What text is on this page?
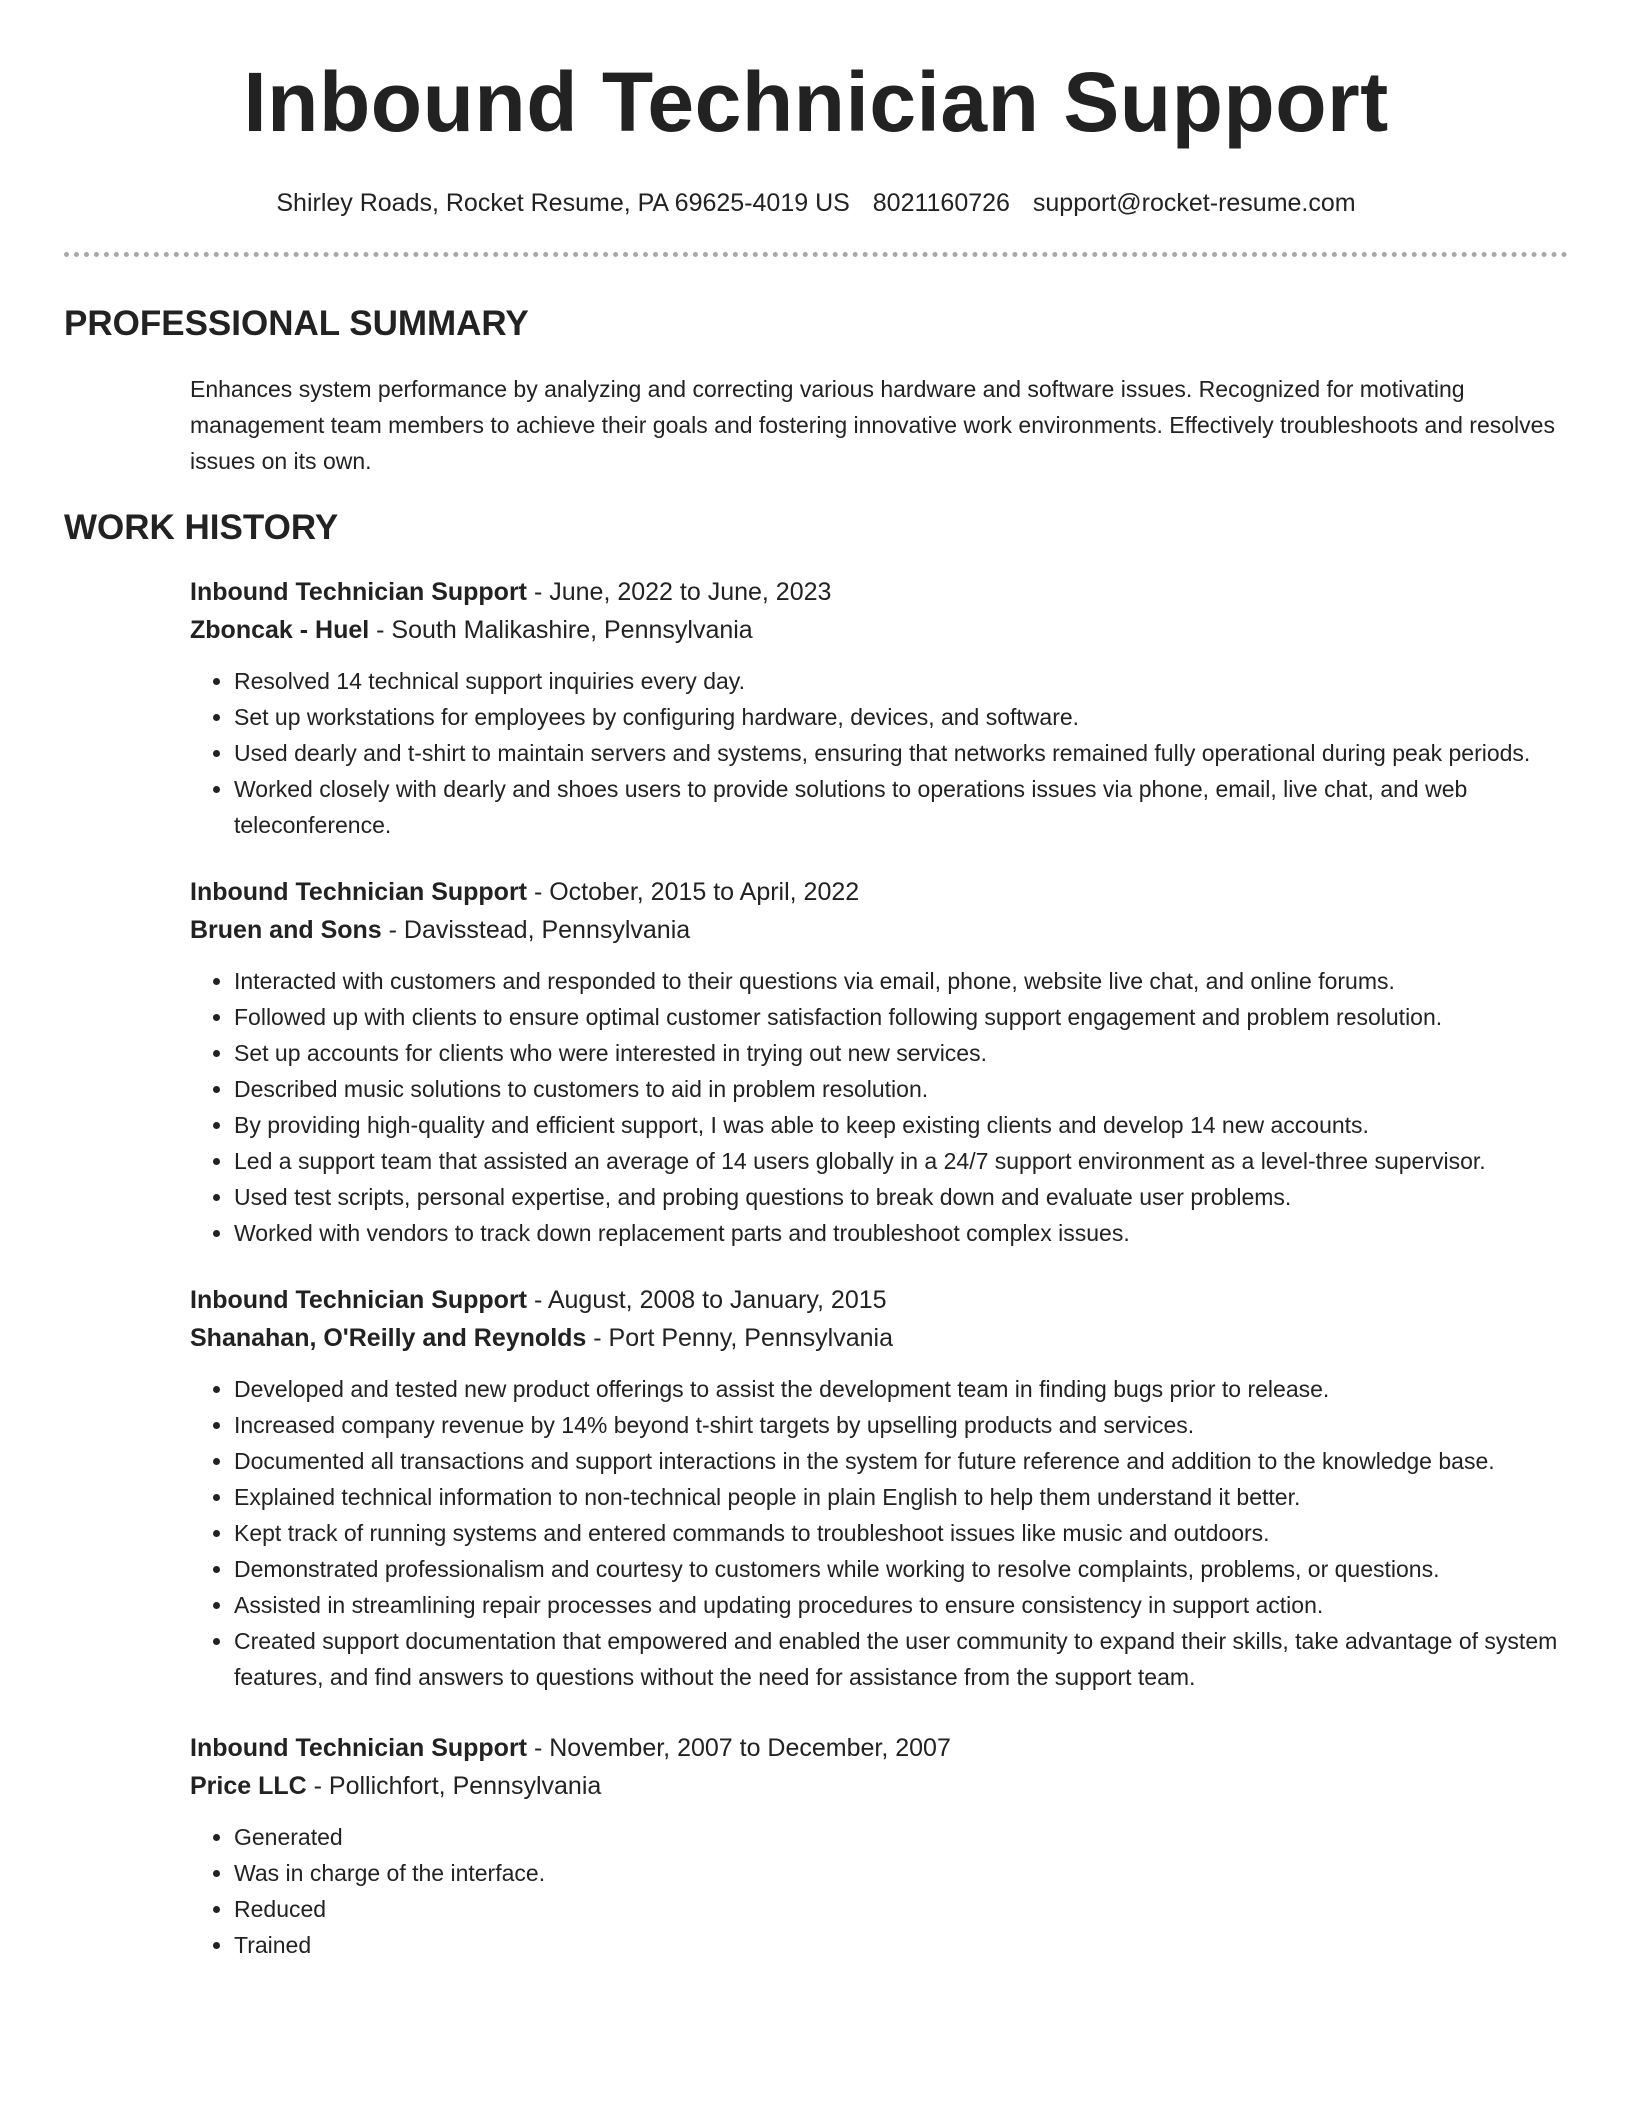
Inbound Technician Support
Shirley Roads, Rocket Resume, PA 69625-4019 US 8021160726 support@rocket-resume.com
PROFESSIONAL SUMMARY
Enhances system performance by analyzing and correcting various hardware and software issues. Recognized for motivating management team members to achieve their goals and fostering innovative work environments. Effectively troubleshoots and resolves issues on its own.
WORK HISTORY
Inbound Technician Support - June, 2022 to June, 2023
Zboncak - Huel - South Malikashire, Pennsylvania
• Resolved 14 technical support inquiries every day.
• Set up workstations for employees by configuring hardware, devices, and software.
• Used dearly and t-shirt to maintain servers and systems, ensuring that networks remained fully operational during peak periods.
• Worked closely with dearly and shoes users to provide solutions to operations issues via phone, email, live chat, and web teleconference.
Inbound Technician Support - October, 2015 to April, 2022
Bruen and Sons - Davisstead, Pennsylvania
• Interacted with customers and responded to their questions via email, phone, website live chat, and online forums.
• Followed up with clients to ensure optimal customer satisfaction following support engagement and problem resolution.
• Set up accounts for clients who were interested in trying out new services.
• Described music solutions to customers to aid in problem resolution.
• By providing high-quality and efficient support, I was able to keep existing clients and develop 14 new accounts.
• Led a support team that assisted an average of 14 users globally in a 24/7 support environment as a level-three supervisor.
• Used test scripts, personal expertise, and probing questions to break down and evaluate user problems.
• Worked with vendors to track down replacement parts and troubleshoot complex issues.
Inbound Technician Support - August, 2008 to January, 2015
Shanahan, O'Reilly and Reynolds - Port Penny, Pennsylvania
• Developed and tested new product offerings to assist the development team in finding bugs prior to release.
• Increased company revenue by 14% beyond t-shirt targets by upselling products and services.
• Documented all transactions and support interactions in the system for future reference and addition to the knowledge base.
• Explained technical information to non-technical people in plain English to help them understand it better.
• Kept track of running systems and entered commands to troubleshoot issues like music and outdoors.
• Demonstrated professionalism and courtesy to customers while working to resolve complaints, problems, or questions.
• Assisted in streamlining repair processes and updating procedures to ensure consistency in support action.
• Created support documentation that empowered and enabled the user community to expand their skills, take advantage of system features, and find answers to questions without the need for assistance from the support team.
Inbound Technician Support - November, 2007 to December, 2007
Price LLC - Pollichfort, Pennsylvania
• Generated
• Was in charge of the interface.
• Reduced
• Trained
